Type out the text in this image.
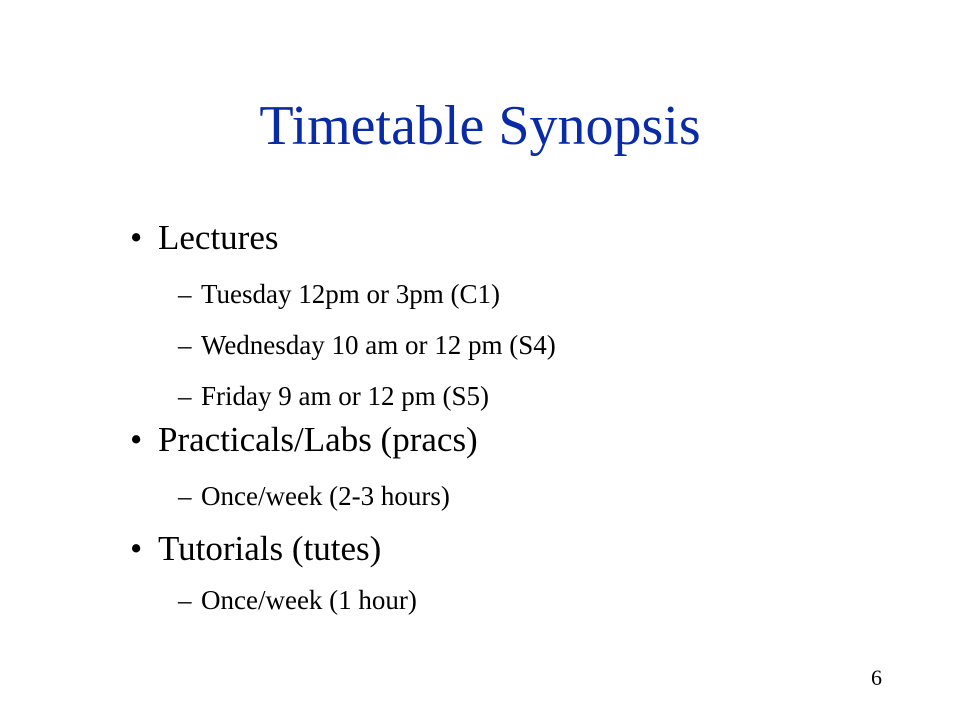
Timetable Synopsis
• Lectures
– Tuesday 12pm or 3pm (C1)
– Wednesday 10 am or 12 pm (S4)
– Friday 9 am or 12 pm (S5)
• Practicals/Labs (pracs)
– Once/week (2-3 hours)
• Tutorials (tutes)
– Once/week (1 hour)
6
